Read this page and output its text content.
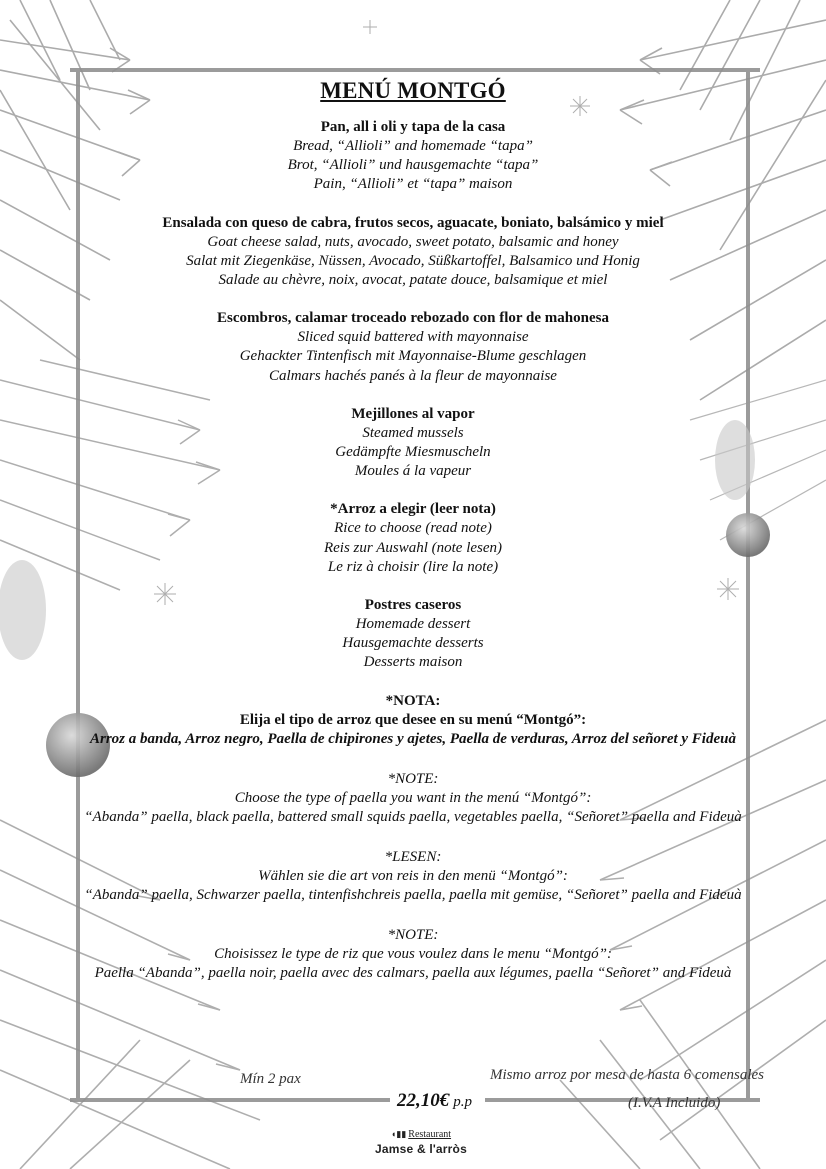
MENÚ MONTGÓ
Pan, all i oli y tapa de la casa
Bread, “Allioli” and homemade “tapa”
Brot, “Allioli” und hausgemachte “tapa”
Pain, “Allioli” et “tapa” maison
Ensalada con queso de cabra, frutos secos, aguacate, boniato, balsámico y miel
Goat cheese salad, nuts, avocado, sweet potato, balsamic and honey
Salat mit Ziegenkäse, Nüssen, Avocado, Süßkartoffel, Balsamico und Honig
Salade au chèvre, noix, avocat, patate douce, balsamique et miel
Escombros, calamar troceado rebozado con flor de mahonesa
Sliced squid battered with mayonnaise
Gehackter Tintenfisch mit Mayonnaise-Blume geschlagen
Calmars hachés panés à la fleur de mayonnaise
Mejillones al vapor
Steamed mussels
Gedämpfte Miesmuscheln
Moules á la vapeur
*Arroz a elegir (leer nota)
Rice to choose (read note)
Reis zur Auswahl (note lesen)
Le riz à choisir (lire la note)
Postres caseros
Homemade dessert
Hausgemachte desserts
Desserts maison
*NOTA:
Elija el tipo de arroz que desee en su menú “Montgó”:
Arroz a banda, Arroz negro, Paella de chipirones y ajetes, Paella de verduras, Arroz del señoret y Fideuà
*NOTE:
Choose the type of paella you want in the menú “Montgó”:
“Abanda” paella, black paella, battered small squids paella, vegetables paella, “Señoret” paella and Fideuà
*LESEN:
Wählen sie die art von reis in den menü “Montgó”:
“Abanda” paella, Schwarzer paella, tintenfishchreis paella, paella mit gemüse, “Señoret” paella and Fideuà
*NOTE:
Choisissez le type de riz que vous voulez dans le menu “Montgó”:
Paella “Abanda”, paella noir, paella avec des calmars, paella aux légumes, paella “Señoret” and Fideuà
Mín 2 pax	Mismo arroz por mesa de hasta 6 comensales
22,10€ p.p	(I.V.A Incluido)
◖▮▮ Restaurant
Jamse & l'arròs
